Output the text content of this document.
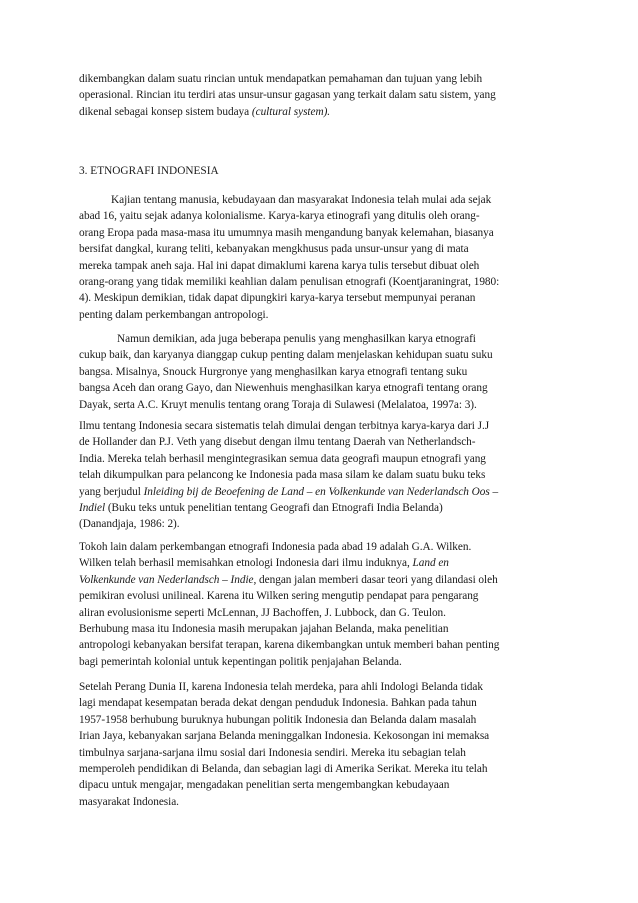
dikembangkan dalam suatu rincian untuk mendapatkan pemahaman dan tujuan yang lebih
operasional. Rincian itu terdiri atas unsur-unsur gagasan yang terkait dalam satu sistem, yang
dikenal sebagai konsep sistem budaya (cultural system).
3. ETNOGRAFI INDONESIA
Kajian tentang manusia, kebudayaan dan masyarakat Indonesia telah mulai ada sejak
abad 16, yaitu sejak adanya kolonialisme. Karya-karya etinografi yang ditulis oleh orang-
orang Eropa pada masa-masa itu umumnya masih mengandung banyak kelemahan, biasanya
bersifat dangkal, kurang teliti, kebanyakan mengkhusus pada unsur-unsur yang di mata
mereka tampak aneh saja. Hal ini dapat dimaklumi karena karya tulis tersebut dibuat oleh
orang-orang yang tidak memiliki keahlian dalam penulisan etnografi (Koentjaraningrat, 1980:
4). Meskipun demikian, tidak dapat dipungkiri karya-karya tersebut mempunyai peranan
penting dalam perkembangan antropologi.
Namun demikian, ada juga beberapa penulis yang menghasilkan karya etnografi
cukup baik, dan karyanya dianggap cukup penting dalam menjelaskan kehidupan suatu suku
bangsa. Misalnya, Snouck Hurgronye yang menghasilkan karya etnografi tentang suku
bangsa Aceh dan orang Gayo, dan Niewenhuis menghasilkan karya etnografi tentang orang
Dayak, serta A.C. Kruyt menulis tentang orang Toraja di Sulawesi (Melalatoa, 1997a: 3).
Ilmu tentang Indonesia secara sistematis telah dimulai dengan terbitnya karya-karya dari J.J
de Hollander dan P.J. Veth yang disebut dengan ilmu tentang Daerah van Netherlandsch-
India. Mereka telah berhasil mengintegrasikan semua data geografi maupun etnografi yang
telah dikumpulkan para pelancong ke Indonesia pada masa silam ke dalam suatu buku teks
yang berjudul Inleiding bij de Beoefening de Land – en Volkenkunde van Nederlandsch Oos –
Indiel (Buku teks untuk penelitian tentang Geografi dan Etnografi India Belanda)
(Danandjaja, 1986: 2).
Tokoh lain dalam perkembangan etnografi Indonesia pada abad 19 adalah G.A. Wilken.
Wilken telah berhasil memisahkan etnologi Indonesia dari ilmu induknya, Land en
Volkenkunde van Nederlandsch – Indie, dengan jalan memberi dasar teori yang dilandasi oleh
pemikiran evolusi unilineal. Karena itu Wilken sering mengutip pendapat para pengarang
aliran evolusionisme seperti McLennan, JJ Bachoffen, J. Lubbock, dan G. Teulon.
Berhubung masa itu Indonesia masih merupakan jajahan Belanda, maka penelitian
antropologi kebanyakan bersifat terapan, karena dikembangkan untuk memberi bahan penting
bagi pemerintah kolonial untuk kepentingan politik penjajahan Belanda.
Setelah Perang Dunia II, karena Indonesia telah merdeka, para ahli Indologi Belanda tidak
lagi mendapat kesempatan berada dekat dengan penduduk Indonesia. Bahkan pada tahun
1957-1958 berhubung buruknya hubungan politik Indonesia dan Belanda dalam masalah
Irian Jaya, kebanyakan sarjana Belanda meninggalkan Indonesia. Kekosongan ini memaksa
timbulnya sarjana-sarjana ilmu sosial dari Indonesia sendiri. Mereka itu sebagian telah
memperoleh pendidikan di Belanda, dan sebagian lagi di Amerika Serikat. Mereka itu telah
dipacu untuk mengajar, mengadakan penelitian serta mengembangkan kebudayaan
masyarakat Indonesia.
